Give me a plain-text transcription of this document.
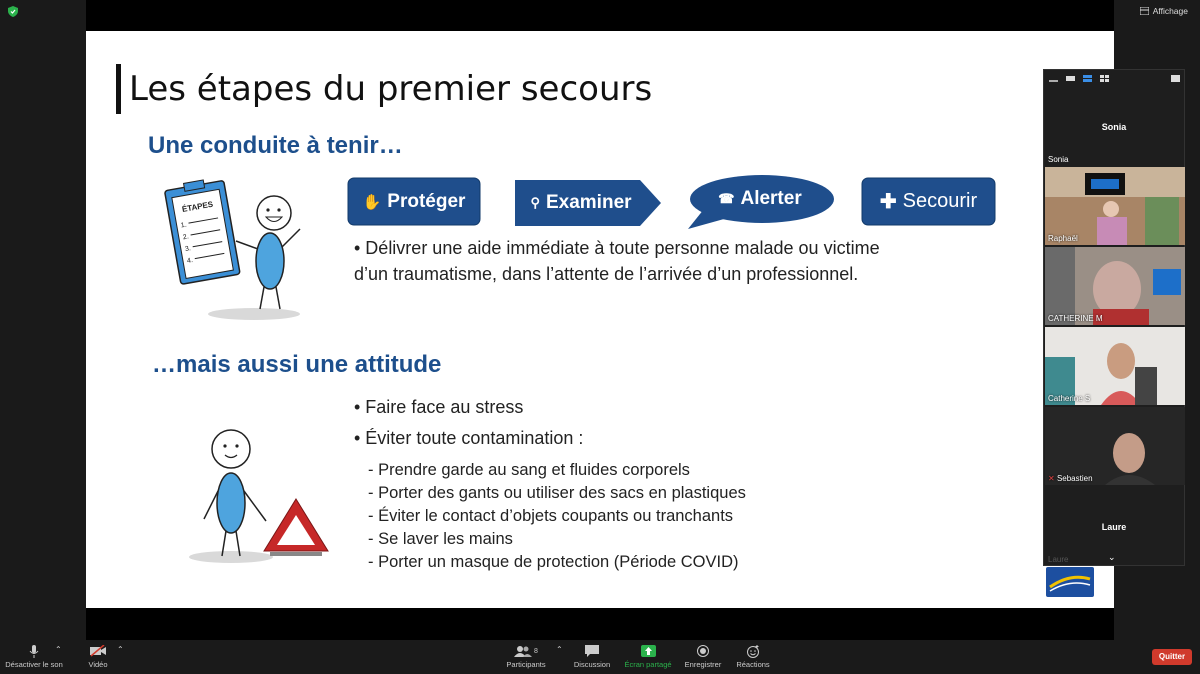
Affichage
Les étapes du premier secours
Une conduite à tenir…
ÉTAPES
1.
2.
3.
4.
✋ Protéger	⚲ Examiner	☎ Alerter	✚ Secourir
• Délivrer une aide immédiate à toute personne malade ou victime d’un traumatisme, dans l’attente de l’arrivée d’un professionnel.
…mais aussi une attitude
• Faire face au stress
• Éviter toute contamination :
- Prendre garde au sang et fluides corporels
- Porter des gants ou utiliser des sacs en plastiques
- Éviter le contact d’objets coupants ou tranchants
- Se laver les mains
- Porter un masque de protection (Période COVID)
Sonia
Sonia
Raphaël
CATHERINE M
Catherine S
✕ Sebastien
Laure
Laure	⌄
Désactiver le son
⌃
Vidéo
⌃	8
Participants
⌃
Discussion	Écran partagé	Enregistrer	Réactions
Quitter
